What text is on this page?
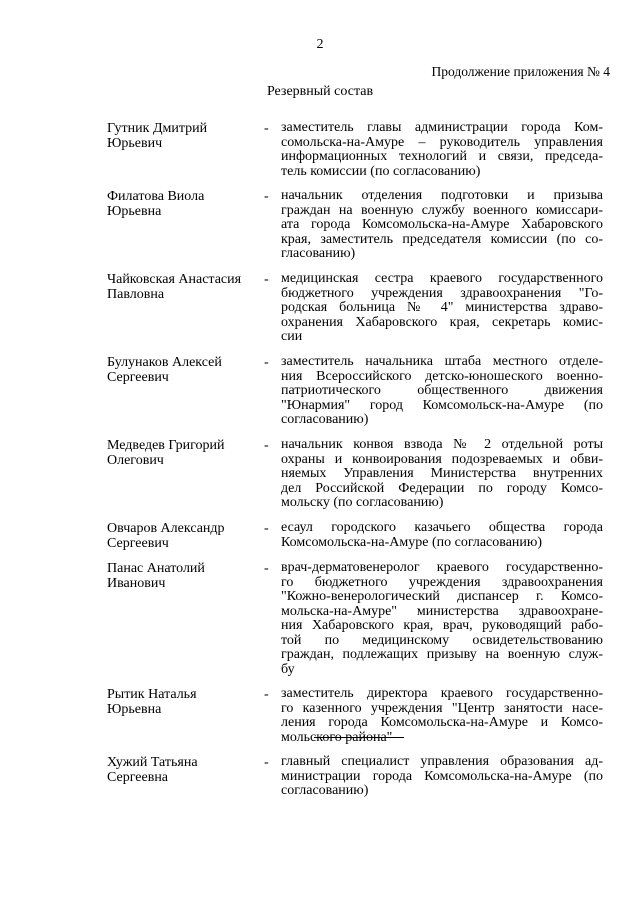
2
Продолжение приложения № 4
Резервный состав
Гутник Дмитрий
Юрьевич
- заместитель главы администрации города Ком-
сомольска-на-Амуре – руководитель управления
информационных технологий и связи, председа-
тель комиссии (по согласованию)
Филатова Виола
Юрьевна
- начальник отделения подготовки и призыва
граждан на военную службу военного комиссари-
ата города Комсомольска-на-Амуре Хабаровского
края, заместитель председателя комиссии (по со-
гласованию)
Чайковская Анастасия
Павловна
- медицинская сестра краевого государственного
бюджетного учреждения здравоохранения "Го-
родская больница № 4" министерства здраво-
охранения Хабаровского края, секретарь комис-
сии
Булунаков Алексей
Сергеевич
- заместитель начальника штаба местного отделе-
ния Всероссийского детско-юношеского военно-
патриотического общественного движения
"Юнармия" город Комсомольск-на-Амуре (по
согласованию)
Медведев Григорий
Олегович
- начальник конвоя взвода № 2 отдельной роты
охраны и конвоирования подозреваемых и обви-
няемых Управления Министерства внутренних
дел Российской Федерации по городу Комсо-
мольску (по согласованию)
Овчаров Александр
Сергеевич
- есаул городского казачьего общества города
Комсомольска-на-Амуре (по согласованию)
Панас Анатолий
Иванович
- врач-дерматовенеролог краевого государственно-
го бюджетного учреждения здравоохранения
"Кожно-венерологический диспансер г. Комсо-
мольска-на-Амуре" министерства здравоохране-
ния Хабаровского края, врач, руководящий рабо-
той по медицинскому освидетельствованию
граждан, подлежащих призыву на военную служ-
бу
Рытик Наталья
Юрьевна
- заместитель директора краевого государственно-
го казенного учреждения "Центр занятости насе-
ления города Комсомольска-на-Амуре и Комсо-
мольского района"
Хужий Татьяна
Сергеевна
- главный специалист управления образования ад-
министрации города Комсомольска-на-Амуре (по
согласованию)
